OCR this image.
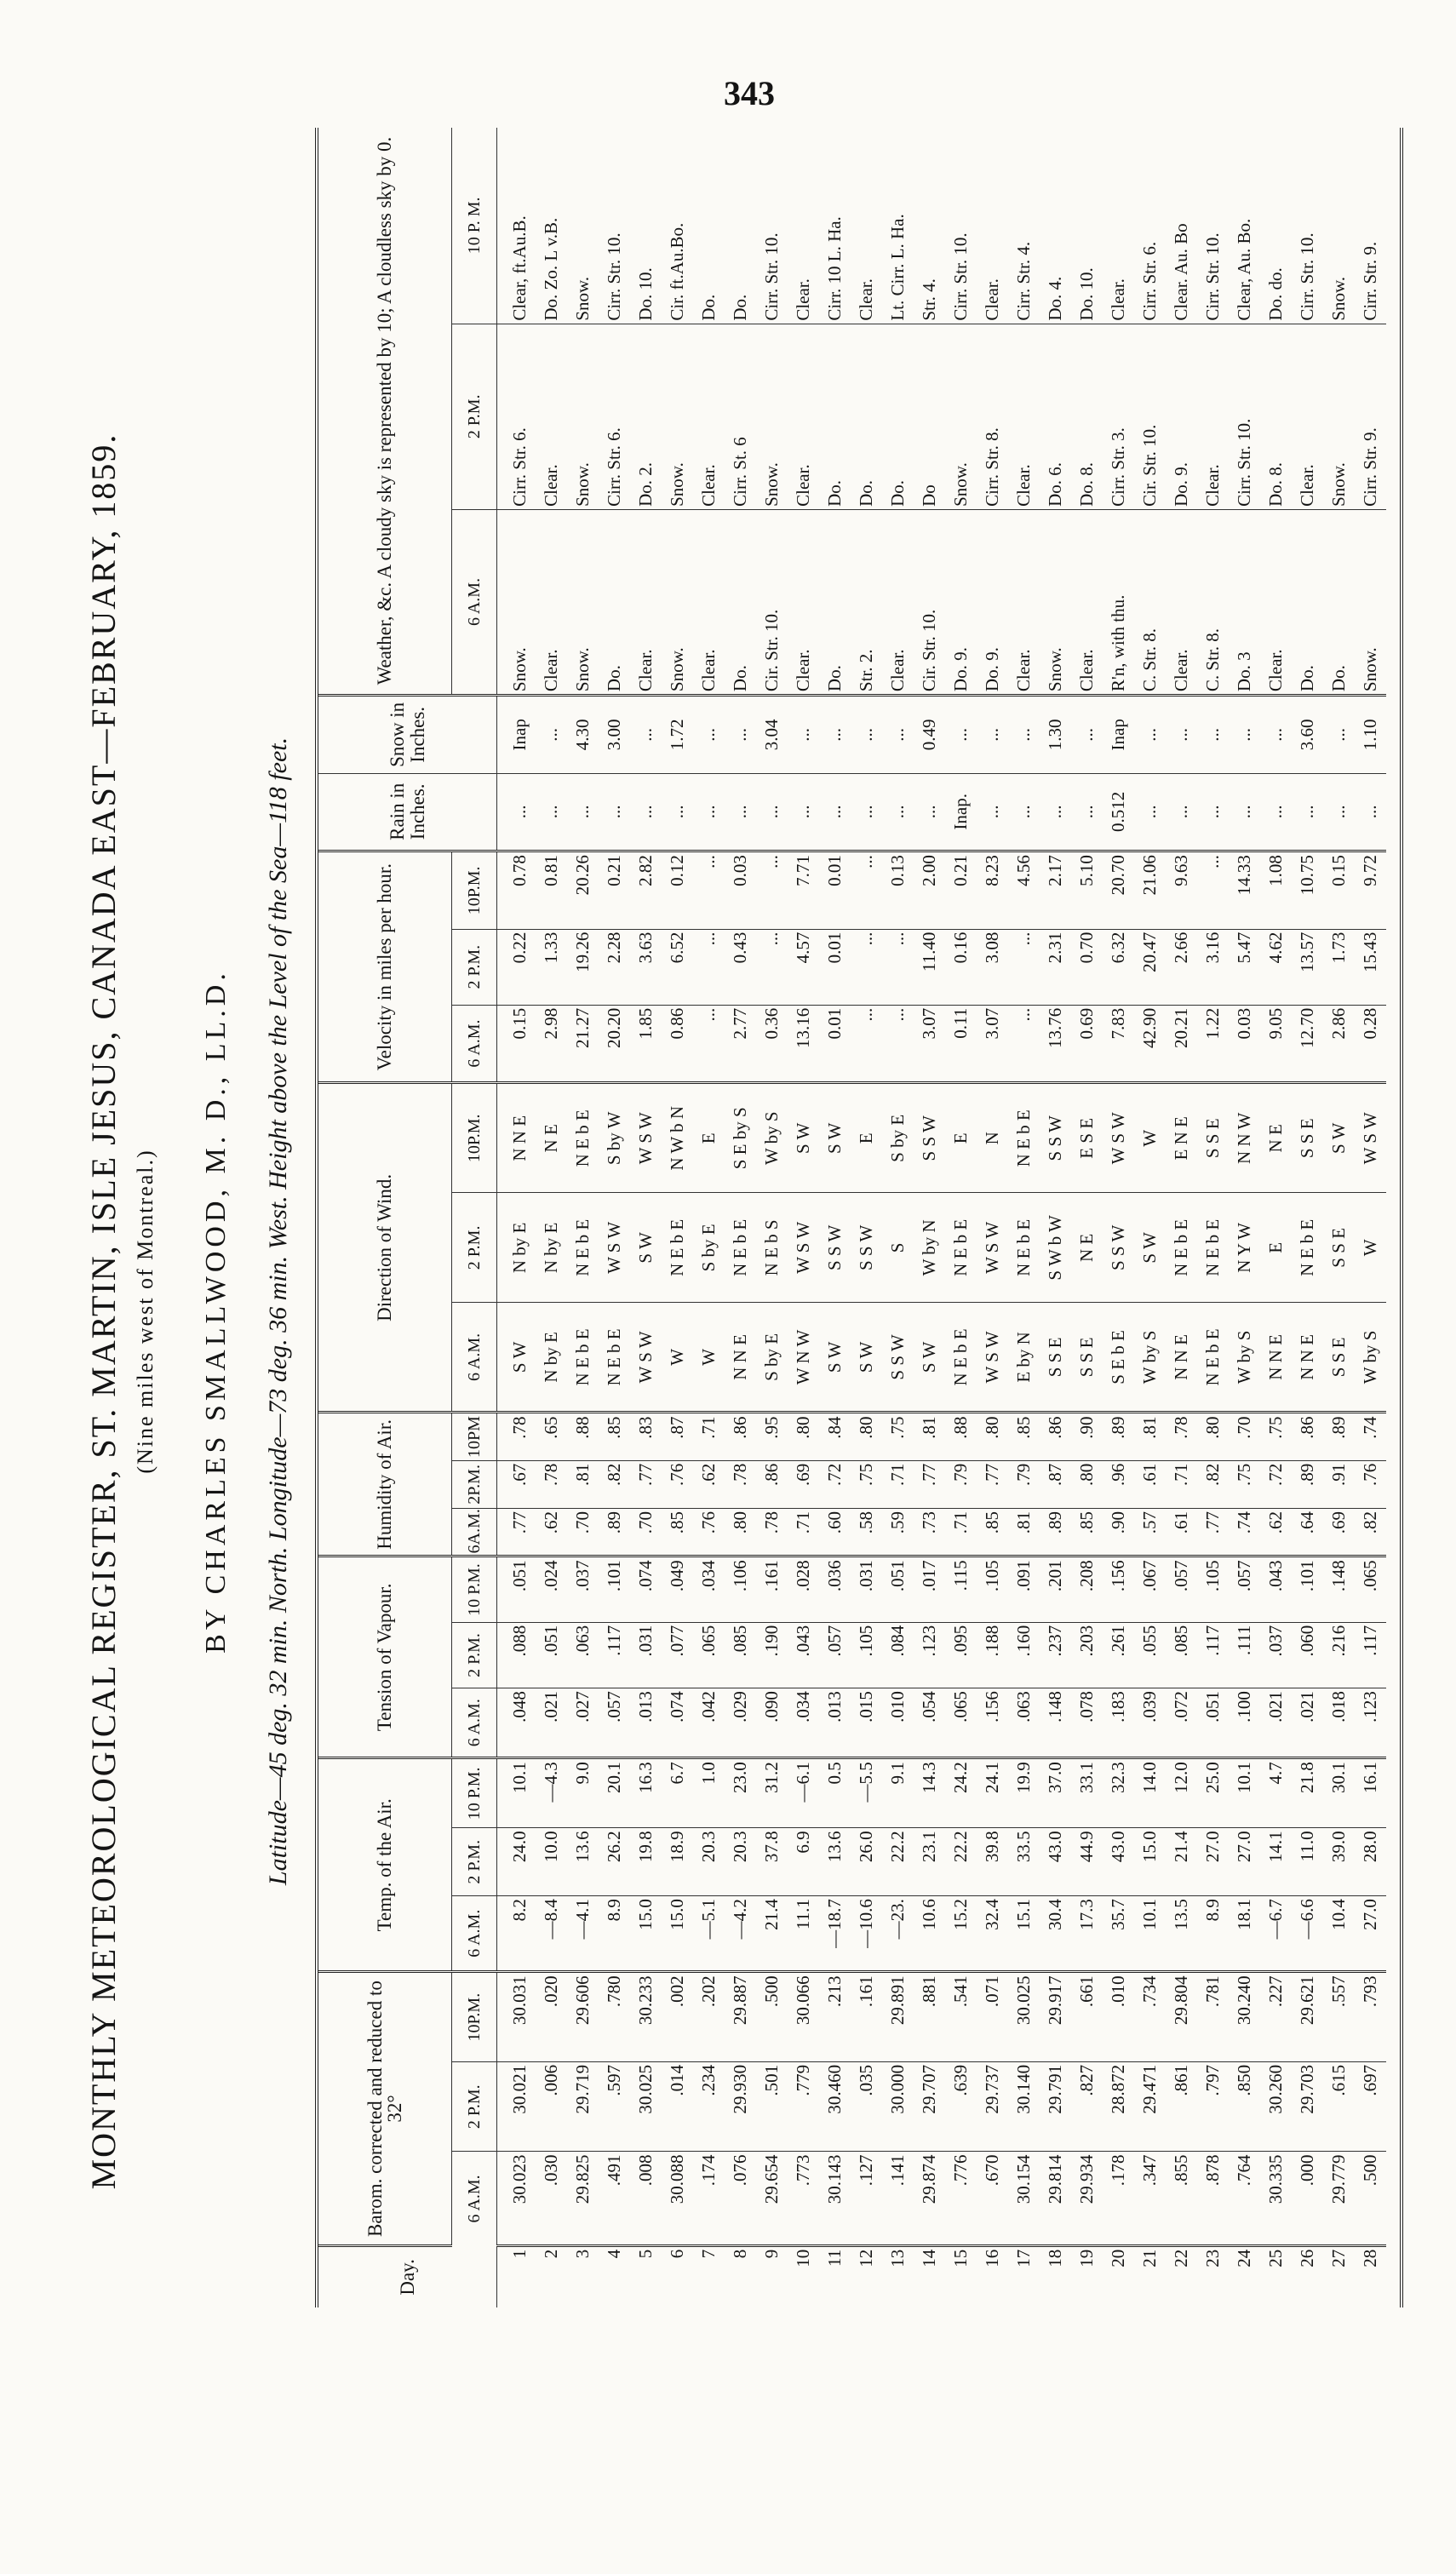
343
MONTHLY METEOROLOGICAL REGISTER, ST. MARTIN, ISLE JESUS, CANADA EAST—FEBRUARY, 1859. (Nine miles west of Montreal.) BY CHARLES SMALLWOOD, M. D., LL.D. Latitude—45 deg. 32 min. North. Longitude—73 deg. 36 min. West. Height above the Level of the Sea—118 feet.
Day.	Barom. corrected and reduced to 32°			Temp. of the Air.			Tension of Vapour.			Humidity of Air.			Direction of Wind.			Velocity in miles per hour.			Rain in Inches.	Snow in Inches.	Weather, &c. A cloudy sky is represented by 10; A cloudless sky by 0.		
	6 A.M.	2 P.M.	10P.M.	6 A.M.	2 P.M.	10 P.M.	6 A.M.	2 P.M.	10 P.M.	6A.M.	2P.M.	10PM	6 A.M.	2 P.M.	10P.M.	6 A.M.	2 P.M.	10P.M.			6 A.M.	2 P.M.	10 P. M.
1	30.023	30.021	30.031	8.2	24.0	10.1	.048	.088	.051	.77	.67	.78	S W	N by E	N N E	0.15	0.22	0.78	...	Inap	Snow.	Cirr. Str. 6.	Clear, ft.Au.B.
2	.030	.006	.020	—8.4	10.0	—4.3	.021	.051	.024	.62	.78	.65	N by E	N by E	N E	2.98	1.33	0.81	...	...	Clear.	Clear.	Do. Zo. L v.B.
3	29.825	29.719	29.606	—4.1	13.6	9.0	.027	.063	.037	.70	.81	.88	N E b E	N E b E	N E b E	21.27	19.26	20.26	...	4.30	Snow.	Snow.	Snow.
4	.491	.597	.780	8.9	26.2	20.1	.057	.117	.101	.89	.82	.85	N E b E	W S W	S by W	20.20	2.28	0.21	...	3.00	Do.	Cirr. Str. 6.	Cirr. Str. 10.
5	.008	30.025	30.233	15.0	19.8	16.3	.013	.031	.074	.70	.77	.83	W S W	S W	W S W	1.85	3.63	2.82	...	...	Clear.	Do. 2.	Do. 10.
6	30.088	.014	.002	15.0	18.9	6.7	.074	.077	.049	.85	.76	.87	W	N E b E	N W b N	0.86	6.52	0.12	...	1.72	Snow.	Snow.	Cir. ft.Au.Bo.
7	.174	.234	.202	—5.1	20.3	1.0	.042	.065	.034	.76	.62	.71	W	S by E	E	...	...	...	...	...	Clear.	Clear.	Do.
8	.076	29.930	29.887	—4.2	20.3	23.0	.029	.085	.106	.80	.78	.86	N N E	N E b E	S E by S	2.77	0.43	0.03	...	...	Do.	Cirr. St. 6	Do.
9	29.654	.501	.500	21.4	37.8	31.2	.090	.190	.161	.78	.86	.95	S by E	N E b S	W by S	0.36	...	...	...	3.04	Cir. Str. 10.	Snow.	Cirr. Str. 10.
10	.773	.779	30.066	11.1	6.9	—6.1	.034	.043	.028	.71	.69	.80	W N W	W S W	S W	13.16	4.57	7.71	...	...	Clear.	Clear.	Clear.
11	30.143	30.460	.213	—18.7	13.6	0.5	.013	.057	.036	.60	.72	.84	S W	S S W	S W	0.01	0.01	0.01	...	...	Do.	Do.	Cirr. 10 L. Ha.
12	.127	.035	.161	—10.6	26.0	—5.5	.015	.105	.031	.58	.75	.80	S W	S S W	E	...	...	...	...	...	Str. 2.	Do.	Clear.
13	.141	30.000	29.891	—23.	22.2	9.1	.010	.084	.051	.59	.71	.75	S S W	S	S by E	...	...	0.13	...	...	Clear.	Do.	Lt. Cirr. L. Ha.
14	29.874	29.707	.881	10.6	23.1	14.3	.054	.123	.017	.73	.77	.81	S W	W by N	S S W	3.07	11.40	2.00	...	0.49	Cir. Str. 10.	Do	Str. 4.
15	.776	.639	.541	15.2	22.2	24.2	.065	.095	.115	.71	.79	.88	N E b E	N E b E	E	0.11	0.16	0.21	Inap.	...	Do. 9.	Snow.	Cirr. Str. 10.
16	.670	29.737	.071	32.4	39.8	24.1	.156	.188	.105	.85	.77	.80	W S W	W S W	N	3.07	3.08	8.23	...	...	Do. 9.	Cirr. Str. 8.	Clear.
17	30.154	30.140	30.025	15.1	33.5	19.9	.063	.160	.091	.81	.79	.85	E by N	N E b E	N E b E	...	...	4.56	...	...	Clear.	Clear.	Cirr. Str. 4.
18	29.814	29.791	29.917	30.4	43.0	37.0	.148	.237	.201	.89	.87	.86	S S E	S W b W	S S W	13.76	2.31	2.17	...	1.30	Snow.	Do. 6.	Do. 4.
19	29.934	.827	.661	17.3	44.9	33.1	.078	.203	.208	.85	.80	.90	S S E	N E	E S E	0.69	0.70	5.10	...	...	Clear.	Do. 8.	Do. 10.
20	.178	28.872	.010	35.7	43.0	32.3	.183	.261	.156	.90	.96	.89	S E b E	S S W	W S W	7.83	6.32	20.70	0.512	Inap	R'n, with thu.	Cirr. Str. 3.	Clear.
21	.347	29.471	.734	10.1	15.0	14.0	.039	.055	.067	.57	.61	.81	W by S	S W	W	42.90	20.47	21.06	...	...	C. Str. 8.	Cir. Str. 10.	Cirr. Str. 6.
22	.855	.861	29.804	13.5	21.4	12.0	.072	.085	.057	.61	.71	.78	N N E	N E b E	E N E	20.21	2.66	9.63	...	...	Clear.	Do. 9.	Clear. Au. Bo
23	.878	.797	.781	8.9	27.0	25.0	.051	.117	.105	.77	.82	.80	N E b E	N E b E	S S E	1.22	3.16	...	...	...	C. Str. 8.	Clear.	Cirr. Str. 10.
24	.764	.850	30.240	18.1	27.0	10.1	.100	.111	.057	.74	.75	.70	W by S	N Y W	N N W	0.03	5.47	14.33	...	...	Do. 3	Cirr. Str. 10.	Clear, Au. Bo.
25	30.335	30.260	.227	—6.7	14.1	4.7	.021	.037	.043	.62	.72	.75	N N E	E	N E	9.05	4.62	1.08	...	...	Clear.	Do. 8.	Do. do.
26	.000	29.703	29.621	—6.6	11.0	21.8	.021	.060	.101	.64	.89	.86	N N E	N E b E	S S E	12.70	13.57	10.75	...	3.60	Do.	Clear.	Cirr. Str. 10.
27	29.779	.615	.557	10.4	39.0	30.1	.018	.216	.148	.69	.91	.89	S S E	S S E	S W	2.86	1.73	0.15	...	...	Do.	Snow.	Snow.
28	.500	.697	.793	27.0	28.0	16.1	.123	.117	.065	.82	.76	.74	W by S	W	W S W	0.28	15.43	9.72	...	1.10	Snow.	Cirr. Str. 9.	Cirr. Str. 9.
